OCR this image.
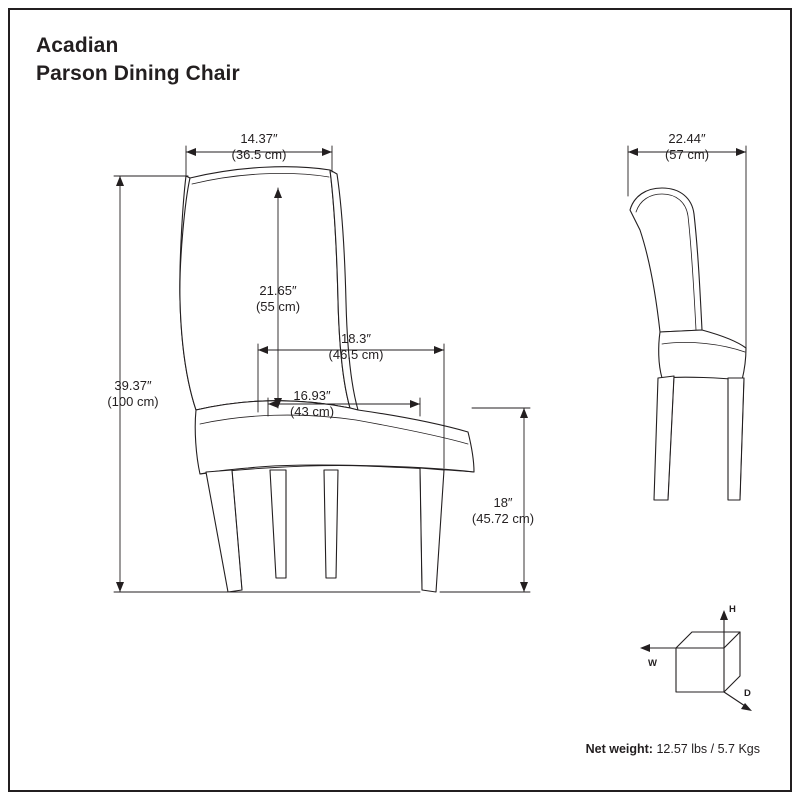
Acadian
Parson Dining Chair
14.37″
(36.5 cm)
39.37″
(100 cm)
21.65″
(55 cm)
18.3″
(46.5 cm)
16.93″
(43 cm)
18″
(45.72 cm)
22.44″
(57 cm)
H
W
D
Net weight: 12.57 lbs / 5.7 Kgs
